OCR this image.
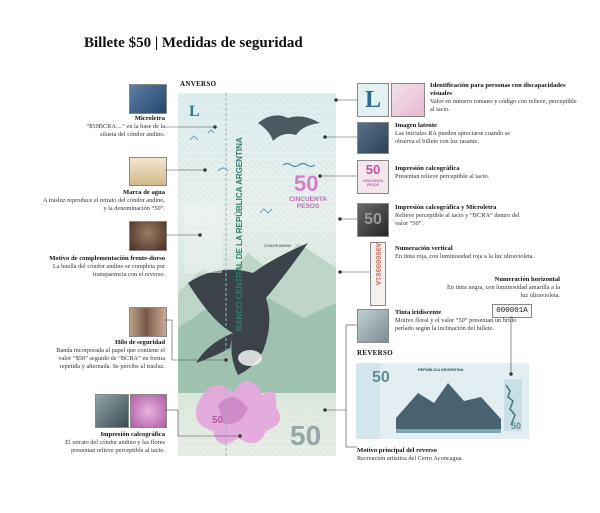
Billete $50 | Medidas de seguridad
ANVERSO
REVERSO
50
50
L
50
CINCUENTA PESOS
CÓNDOR ANDINO
BANCO CENTRAL DE LA REPÚBLICA ARGENTINA
50	REPÚBLICA ARGENTINA
50
Microletra
“$50BCRA…” en la base de la silueta del cóndor andino.
Marca de agua
A trasluz reproduce el retrato del cóndor andino, y la denominación “50”.
Motivo de complementación frente-dorso
La huella del cóndor andino se completa por transparencia con el reverso.
Hilo de seguridad
Banda incorporada al papel que contiene el valor “$50” seguido de “BCRA” en forma repetida y alternada. Se percibe al trasluz.
Impresión calcográfica
El retrato del cóndor andino y las flores presentan relieve perceptible al tacto.
L
Identificación para personas con discapacidades visuales
Valor en número romano y código con relieve, perceptible al tacto.
Imagen latente
Las iniciales RA pueden apreciarse cuando se observa el billete con luz rasante.
50
CINCUENTA PESOS
Impresión calcográfica
Presentan relieve perceptible al tacto.
50
Impresión calcográfica y Microletra
Relieve perceptible al tacto y “BCRA” dentro del valor “50”.
A00000001A Numeración vertical
En tinta roja, con luminosidad roja a la luz ultravioleta.
Numeración horizontal
En tinta negra, con luminosidad amarilla a la luz ultravioleta.
000001A
Tinta iridiscente
Motivo floral y el valor “50” presentan un brillo perlado según la inclinación del billete.
Motivo principal del reverso
Recreación artística del Cerro Aconcagua.
